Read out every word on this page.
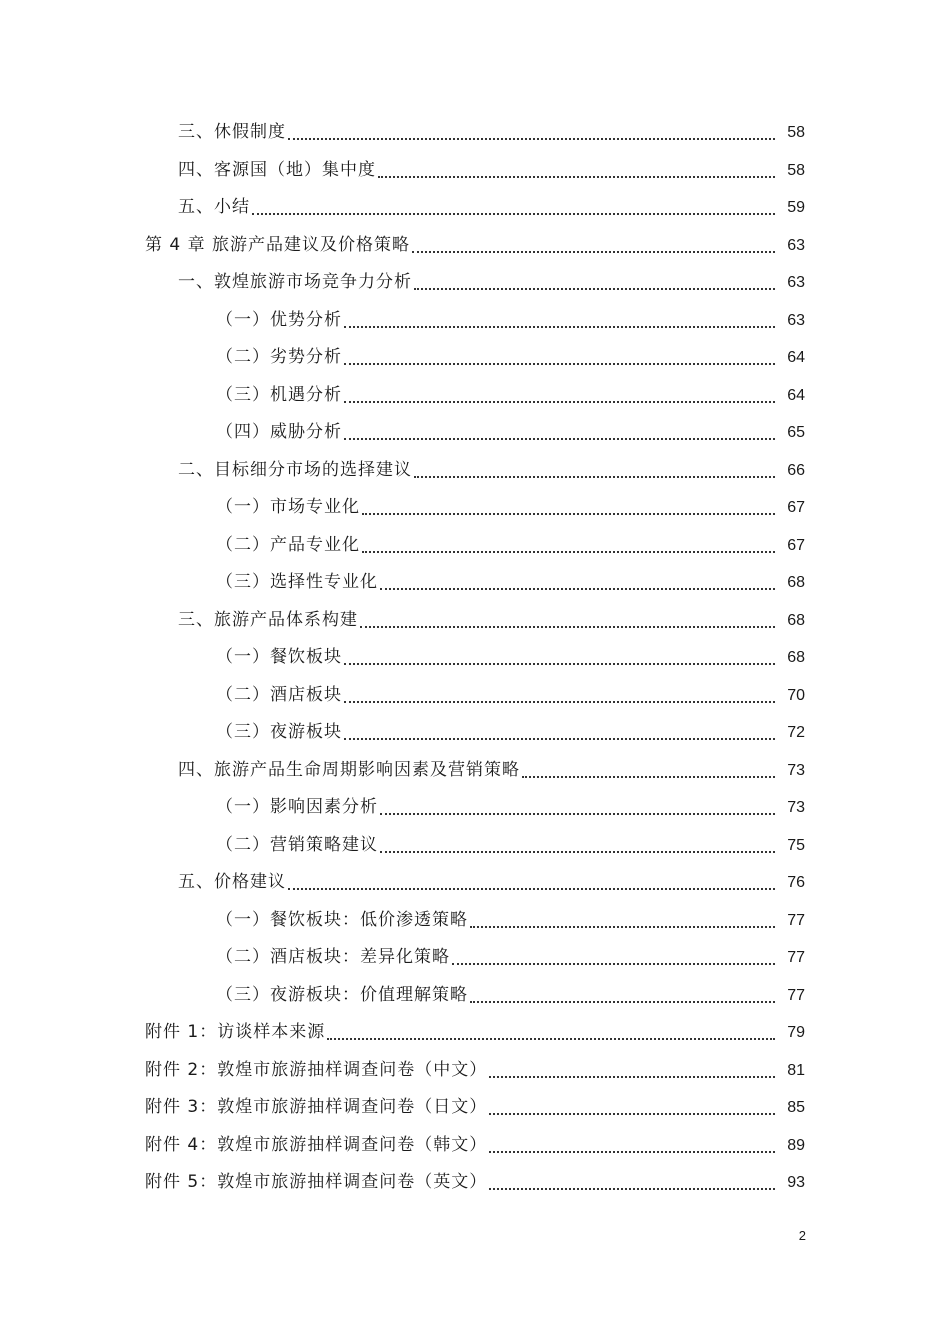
三、休假制度	58
四、客源国（地）集中度	58
五、小结	59
第 4 章 旅游产品建议及价格策略	63
一、敦煌旅游市场竞争力分析	63
（一）优势分析	63
（二）劣势分析	64
（三）机遇分析	64
（四）威胁分析	65
二、目标细分市场的选择建议	66
（一）市场专业化	67
（二）产品专业化	67
（三）选择性专业化	68
三、旅游产品体系构建	68
（一）餐饮板块	68
（二）酒店板块	70
（三）夜游板块	72
四、旅游产品生命周期影响因素及营销策略	73
（一）影响因素分析	73
（二）营销策略建议	75
五、价格建议	76
（一）餐饮板块：低价渗透策略	77
（二）酒店板块：差异化策略	77
（三）夜游板块：价值理解策略	77
附件 1：访谈样本来源	79
附件 2：敦煌市旅游抽样调查问卷（中文）	81
附件 3：敦煌市旅游抽样调查问卷（日文）	85
附件 4：敦煌市旅游抽样调查问卷（韩文）	89
附件 5：敦煌市旅游抽样调查问卷（英文）	93
2
